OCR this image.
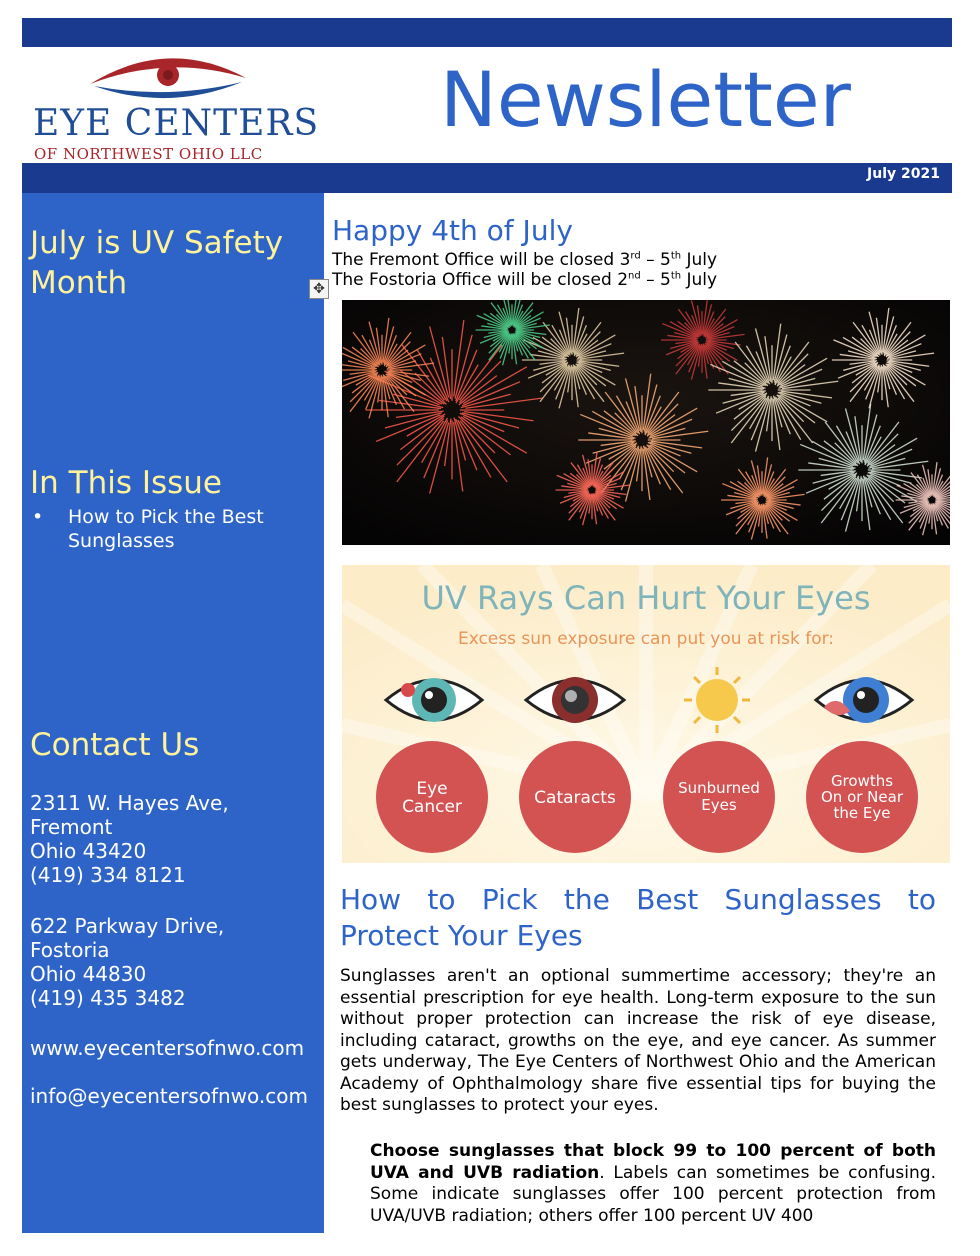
EYE CENTERS
OF NORTHWEST OHIO LLC
Newsletter
July 2021
July is UV Safety Month
In This Issue
• How to Pick the Best Sunglasses
Contact Us
2311 W. Hayes Ave,
Fremont
Ohio 43420
(419) 334 8121
622 Parkway Drive,
Fostoria
Ohio 44830
(419) 435 3482
www.eyecentersofnwo.com
info@eyecentersofnwo.com
✥
Happy 4th of July
The Fremont Office will be closed 3rd – 5th July
The Fostoria Office will be closed 2nd – 5th July
UV Rays Can Hurt Your Eyes
Excess sun exposure can put you at risk for:
Eye
Cancer	Cataracts	Sunburned
Eyes
Growths
On or Near
the Eye
How to Pick the Best Sunglasses to Protect Your Eyes
Sunglasses aren't an optional summertime accessory; they're an essential prescription for eye health. Long-term exposure to the sun without proper protection can increase the risk of eye disease, including cataract, growths on the eye, and eye cancer. As summer gets underway, The Eye Centers of Northwest Ohio and the American Academy of Ophthalmology share five essential tips for buying the best sunglasses to protect your eyes.
Choose sunglasses that block 99 to 100 percent of both UVA and UVB radiation. Labels can sometimes be confusing. Some indicate sunglasses offer 100 percent protection from UVA/UVB radiation; others offer 100 percent UV 400
